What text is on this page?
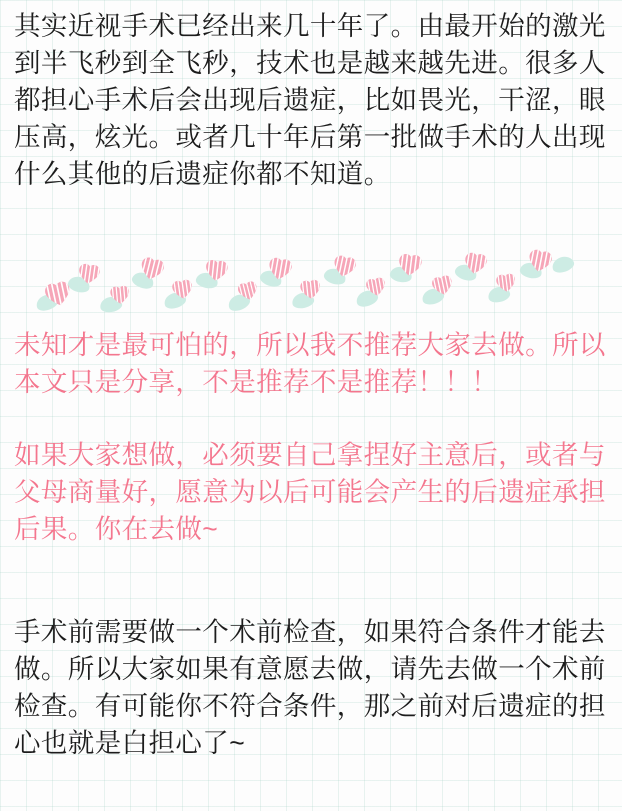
其实近视手术已经出来几十年了。由最开始的激光到半飞秒到全飞秒，技术也是越来越先进。很多人都担心手术后会出现后遗症，比如畏光，干涩，眼压高，炫光。或者几十年后第一批做手术的人出现什么其他的后遗症你都不知道。
未知才是最可怕的，所以我不推荐大家去做。所以本文只是分享，不是推荐不是推荐！！！
如果大家想做，必须要自己拿捏好主意后，或者与父母商量好，愿意为以后可能会产生的后遗症承担后果。你在去做~
手术前需要做一个术前检查，如果符合条件才能去做。所以大家如果有意愿去做，请先去做一个术前检查。有可能你不符合条件，那之前对后遗症的担心也就是白担心了~
